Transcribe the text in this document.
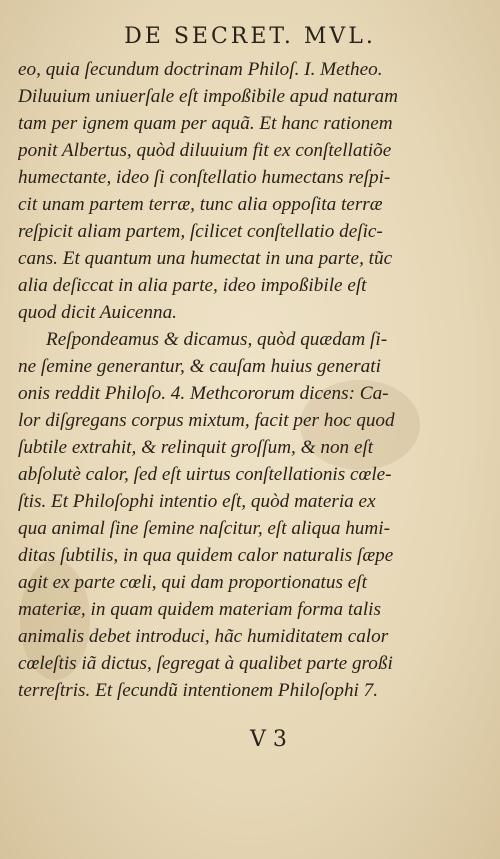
DE SECRET. MVL.
eo, quia ſecundum doctrinam Philoſ. I. Metheo.
Diluuium uniuerſale eſt impoßibile apud naturam
tam per ignem quam per aquã. Et hanc rationem
ponit Albertus, quòd diluuium fit ex conſtellatiõe
humectante, ideo ſi conſtellatio humectans reſpi-
cit unam partem terræ, tunc alia oppoſita terræ
reſpicit aliam partem, ſcilicet conſtellatio deſic-
cans. Et quantum una humectat in una parte, tũc
alia deſiccat in alia parte, ideo impoßibile eſt
quod dicit Auicenna.
Reſpondeamus & dicamus, quòd quædam ſi-
ne ſemine generantur, & cauſam huius generati
onis reddit Philoſo. 4. Methcororum dicens: Ca-
lor diſgregans corpus mixtum, facit per hoc quod
ſubtile extrahit, & relinquit groſſum, & non eſt
abſolutè calor, ſed eſt uirtus conſtellationis cœle-
ſtis. Et Philoſophi intentio eſt, quòd materia ex
qua animal ſine ſemine naſcitur, eſt aliqua humi-
ditas ſubtilis, in qua quidem calor naturalis ſæpe
agit ex parte cœli, qui dam proportionatus eſt
materiæ, in quam quidem materiam forma talis
animalis debet introduci, hãc humiditatem calor
cœleſtis iã dictus, ſegregat à qualibet parte großi
terreſtris. Et ſecundũ intentionem Philoſophi 7.
V 3
